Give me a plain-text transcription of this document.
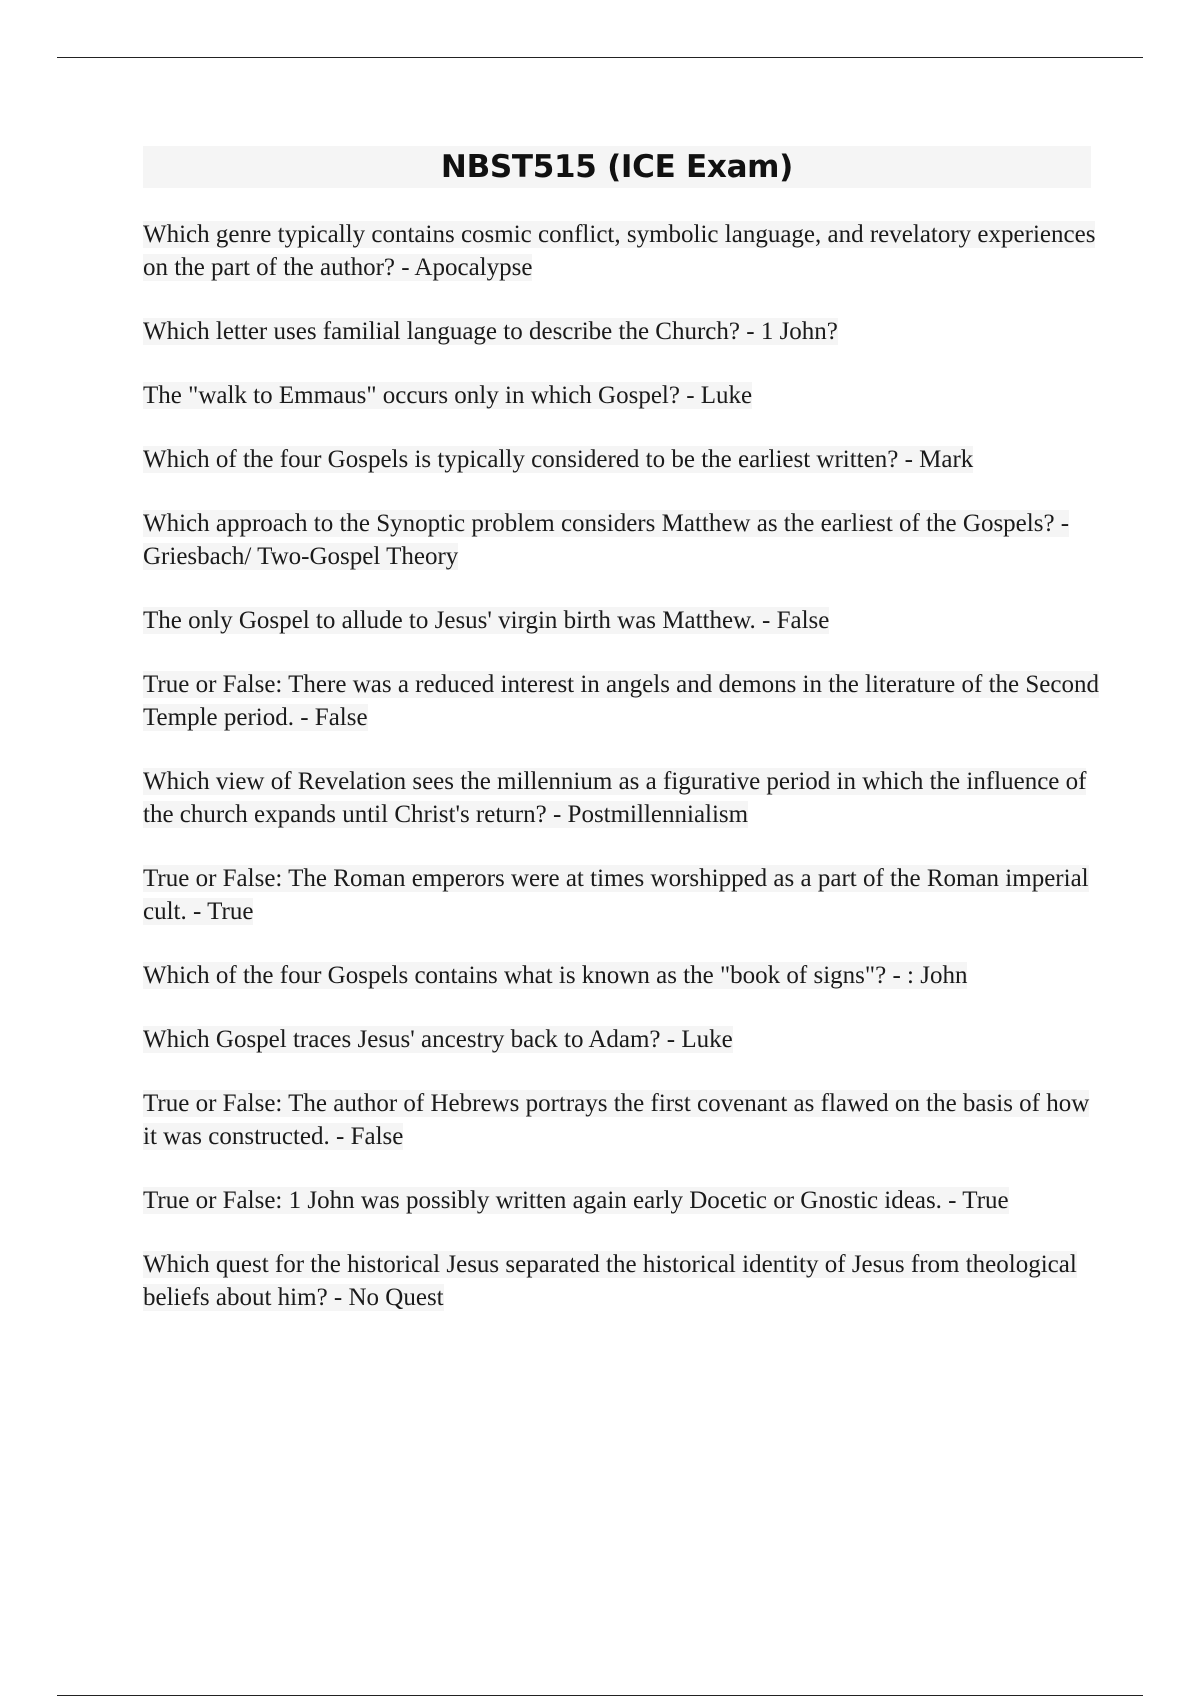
NBST515 (ICE Exam)
Which genre typically contains cosmic conflict, symbolic language, and revelatory experiences on the part of the author? - Apocalypse
Which letter uses familial language to describe the Church? - 1 John?
The "walk to Emmaus" occurs only in which Gospel? - Luke
Which of the four Gospels is typically considered to be the earliest written? - Mark
Which approach to the Synoptic problem considers Matthew as the earliest of the Gospels? - Griesbach/ Two-Gospel Theory
The only Gospel to allude to Jesus' virgin birth was Matthew. - False
True or False: There was a reduced interest in angels and demons in the literature of the Second Temple period. - False
Which view of Revelation sees the millennium as a figurative period in which the influence of the church expands until Christ's return? - Postmillennialism
True or False: The Roman emperors were at times worshipped as a part of the Roman imperial cult. - True
Which of the four Gospels contains what is known as the "book of signs"? - : John
Which Gospel traces Jesus' ancestry back to Adam? - Luke
True or False: The author of Hebrews portrays the first covenant as flawed on the basis of how it was constructed. - False
True or False: 1 John was possibly written again early Docetic or Gnostic ideas. - True
Which quest for the historical Jesus separated the historical identity of Jesus from theological beliefs about him? - No Quest
